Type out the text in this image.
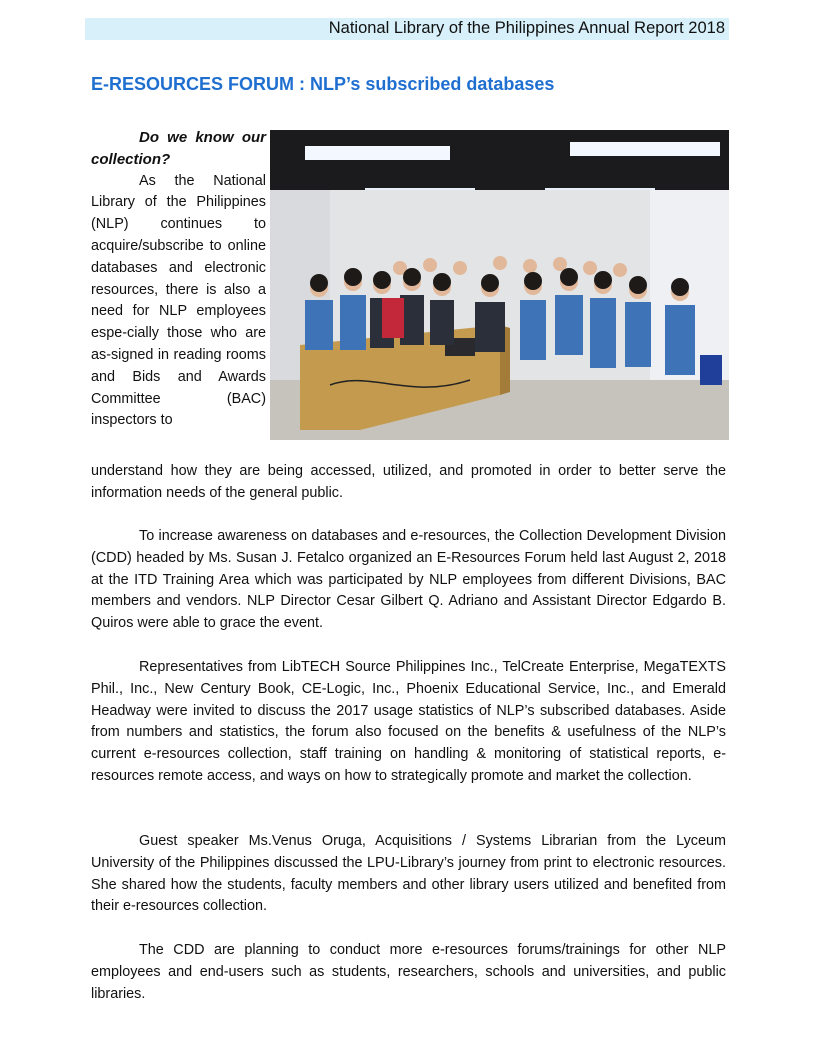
National Library of the Philippines Annual Report 2018
E-RESOURCES FORUM : NLP’s subscribed databases

Do we know our collection?

As the National Library of the Philippines (NLP) continues to acquire/subscribe to online databases and electronic resources, there is also a need for NLP employees espe-cially those who are as-signed in reading rooms and Bids and Awards Committee (BAC) inspectors to

understand how they are being accessed, utilized, and promoted in order to better serve the information needs of the general public.

To increase awareness on databases and e-resources, the Collection Development Division (CDD) headed by Ms. Susan J. Fetalco organized an E-Resources Forum held last August 2, 2018 at the ITD Training Area which was participated by NLP employees from different Divisions, BAC members and vendors. NLP Director Cesar Gilbert Q. Adriano and Assistant Director Edgardo B. Quiros were able to grace the event.

Representatives from LibTECH Source Philippines Inc., TelCreate Enterprise, MegaTEXTS Phil., Inc., New Century Book, CE-Logic, Inc., Phoenix Educational Service, Inc., and Emerald Headway were invited to discuss the 2017 usage statistics of NLP’s subscribed databases. Aside from numbers and statistics, the forum also focused on the benefits & usefulness of the NLP’s current e-resources collection, staff training on handling & monitoring of statistical reports, e-resources remote access, and ways on how to strategically promote and market the collection.

Guest speaker Ms.Venus Oruga, Acquisitions / Systems Librarian from the Lyceum University of the Philippines discussed the LPU-Library’s journey from print to electronic resources. She shared how the students, faculty members and other library users utilized and benefited from their e-resources collection.

The CDD are planning to conduct more e-resources forums/trainings for other NLP employees and end-users such as students, researchers, schools and universities, and public libraries.
